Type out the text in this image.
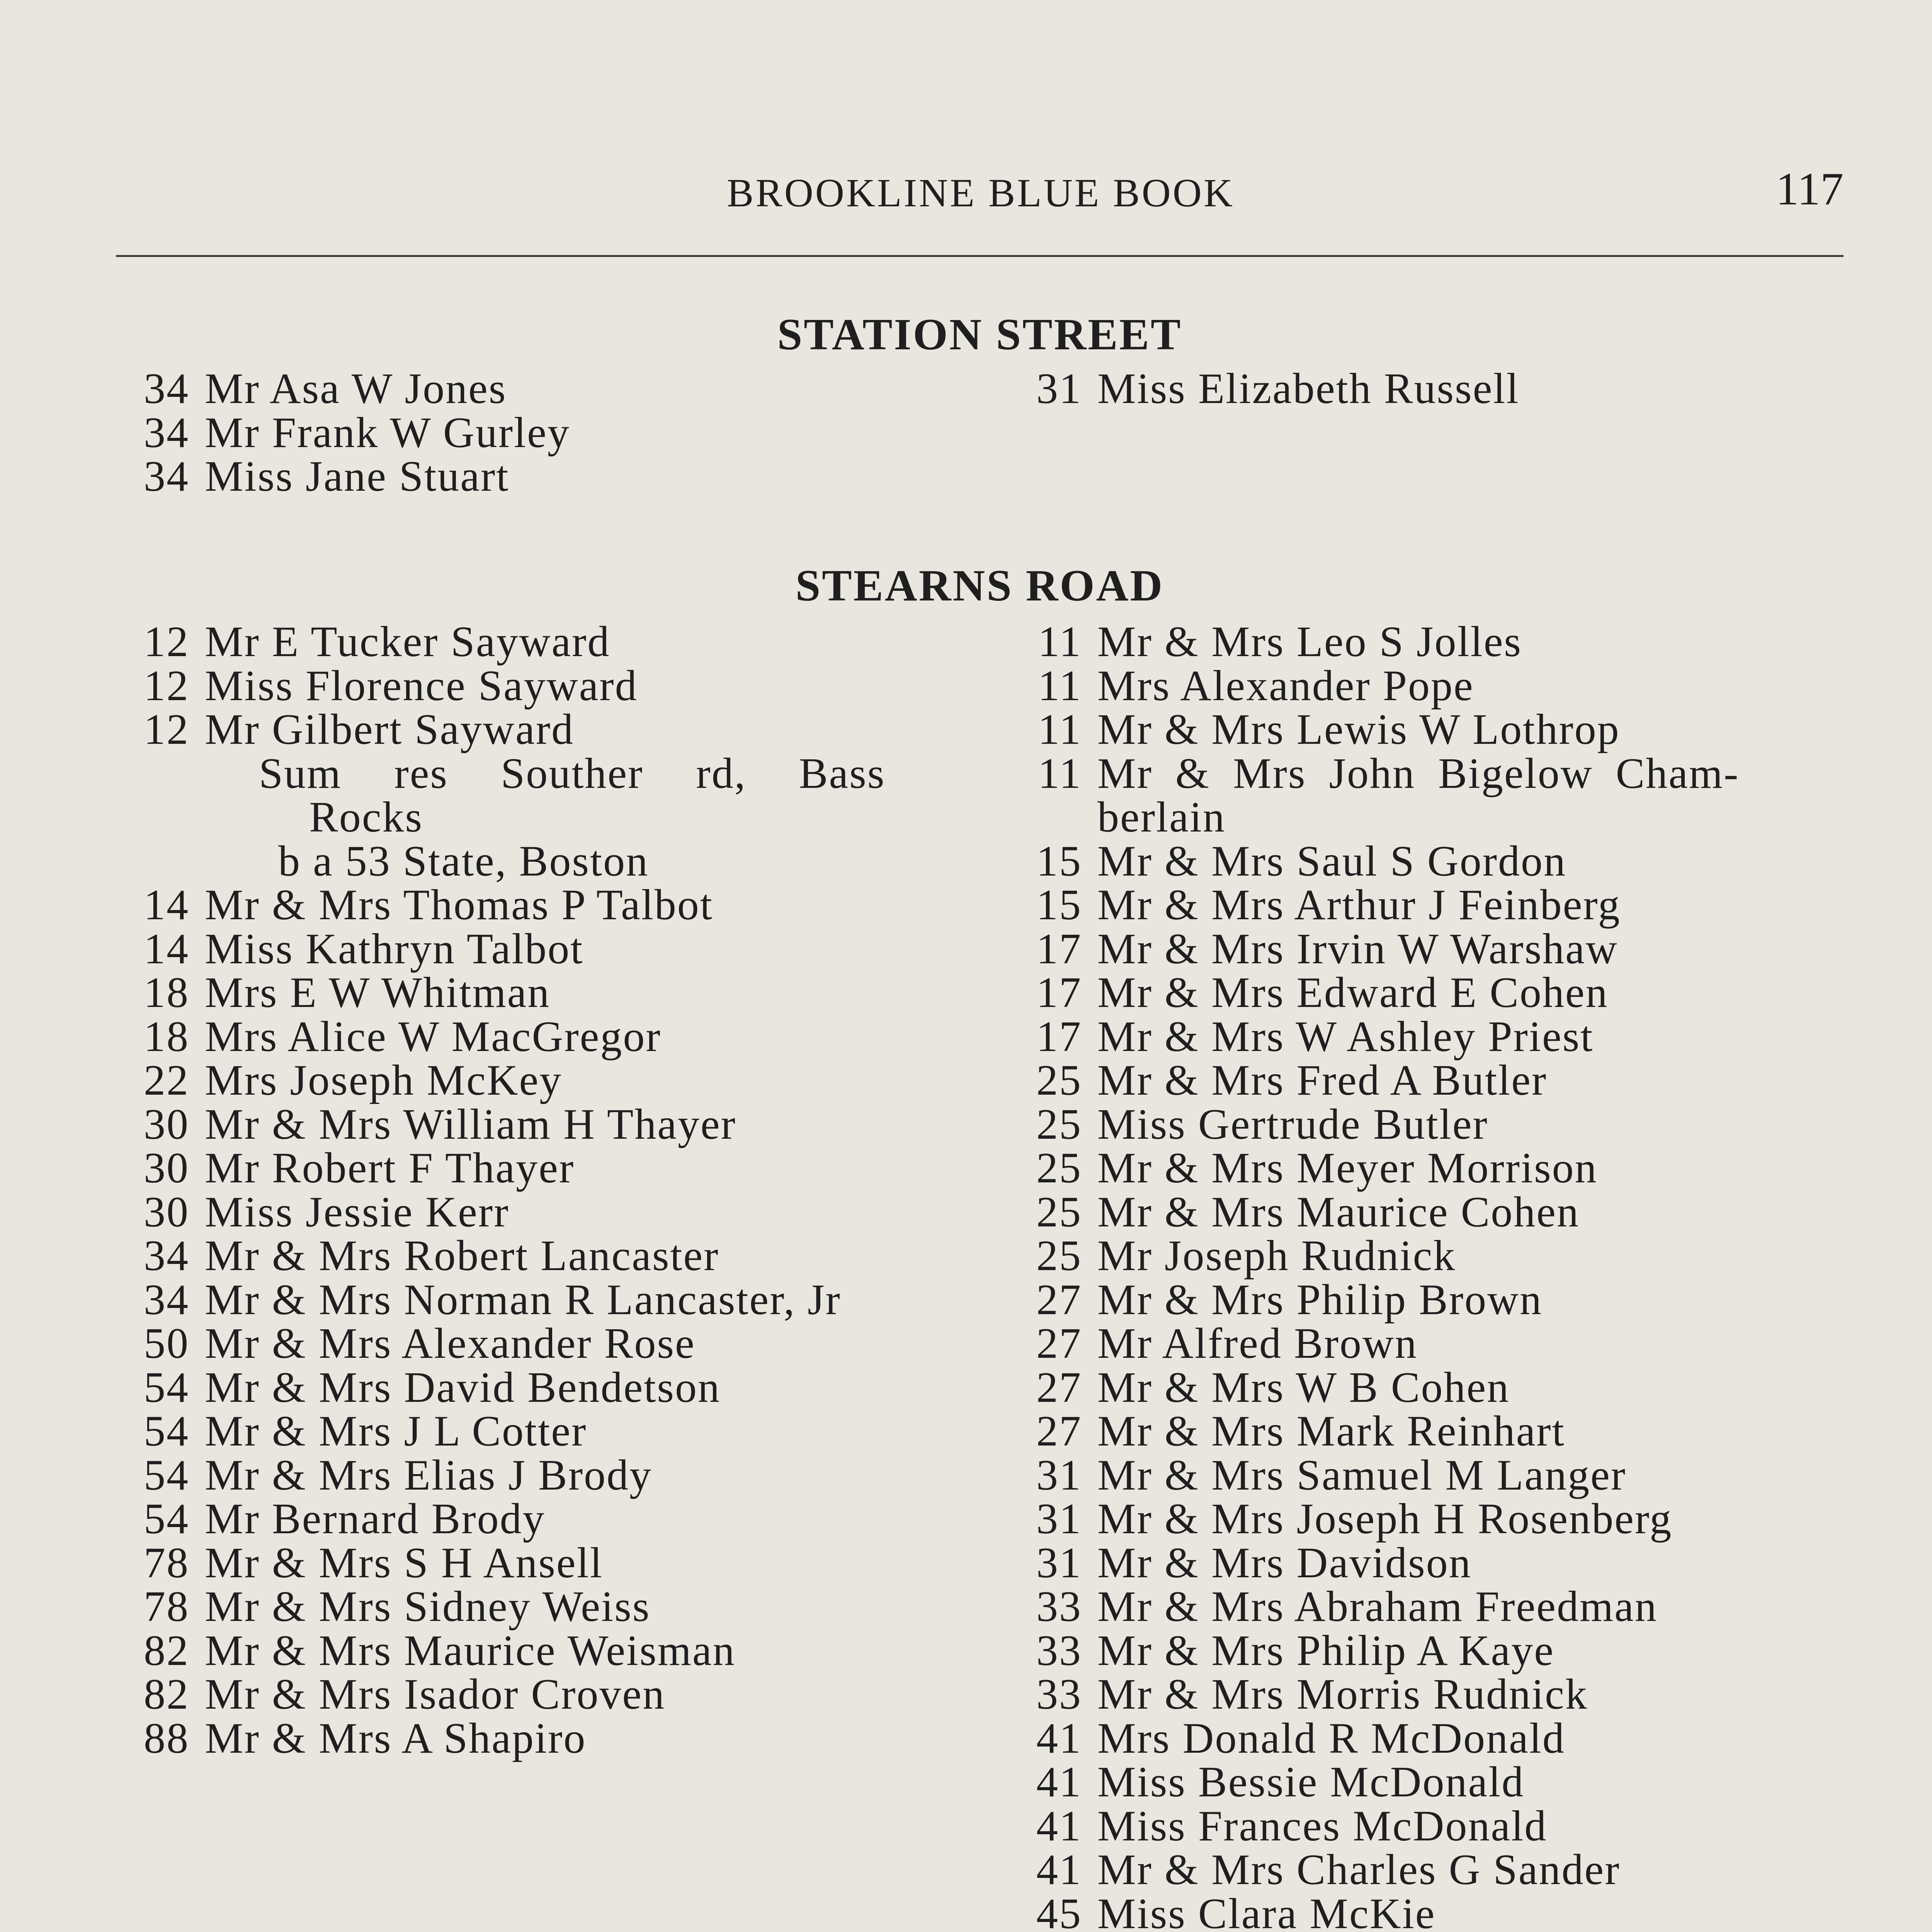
BROOKLINE BLUE BOOK	117
STATION STREET
34 Mr Asa W Jones
34 Mr Frank W Gurley
34 Miss Jane Stuart
31 Miss Elizabeth Russell
STEARNS ROAD
12 Mr E Tucker Sayward
12 Miss Florence Sayward
12 Mr Gilbert Sayward
Sum res Souther rd, Bass
Rocks
b a 53 State, Boston
14 Mr & Mrs Thomas P Talbot
14 Miss Kathryn Talbot
18 Mrs E W Whitman
18 Mrs Alice W MacGregor
22 Mrs Joseph McKey
30 Mr & Mrs William H Thayer
30 Mr Robert F Thayer
30 Miss Jessie Kerr
34 Mr & Mrs Robert Lancaster
34 Mr & Mrs Norman R Lancaster, Jr
50 Mr & Mrs Alexander Rose
54 Mr & Mrs David Bendetson
54 Mr & Mrs J L Cotter
54 Mr & Mrs Elias J Brody
54 Mr Bernard Brody
78 Mr & Mrs S H Ansell
78 Mr & Mrs Sidney Weiss
82 Mr & Mrs Maurice Weisman
82 Mr & Mrs Isador Croven
88 Mr & Mrs A Shapiro
11 Mr & Mrs Leo S Jolles
11 Mrs Alexander Pope
11 Mr & Mrs Lewis W Lothrop
11 Mr & Mrs John Bigelow Cham-
berlain
15 Mr & Mrs Saul S Gordon
15 Mr & Mrs Arthur J Feinberg
17 Mr & Mrs Irvin W Warshaw
17 Mr & Mrs Edward E Cohen
17 Mr & Mrs W Ashley Priest
25 Mr & Mrs Fred A Butler
25 Miss Gertrude Butler
25 Mr & Mrs Meyer Morrison
25 Mr & Mrs Maurice Cohen
25 Mr Joseph Rudnick
27 Mr & Mrs Philip Brown
27 Mr Alfred Brown
27 Mr & Mrs W B Cohen
27 Mr & Mrs Mark Reinhart
31 Mr & Mrs Samuel M Langer
31 Mr & Mrs Joseph H Rosenberg
31 Mr & Mrs Davidson
33 Mr & Mrs Abraham Freedman
33 Mr & Mrs Philip A Kaye
33 Mr & Mrs Morris Rudnick
41 Mrs Donald R McDonald
41 Miss Bessie McDonald
41 Miss Frances McDonald
41 Mr & Mrs Charles G Sander
45 Miss Clara McKie
